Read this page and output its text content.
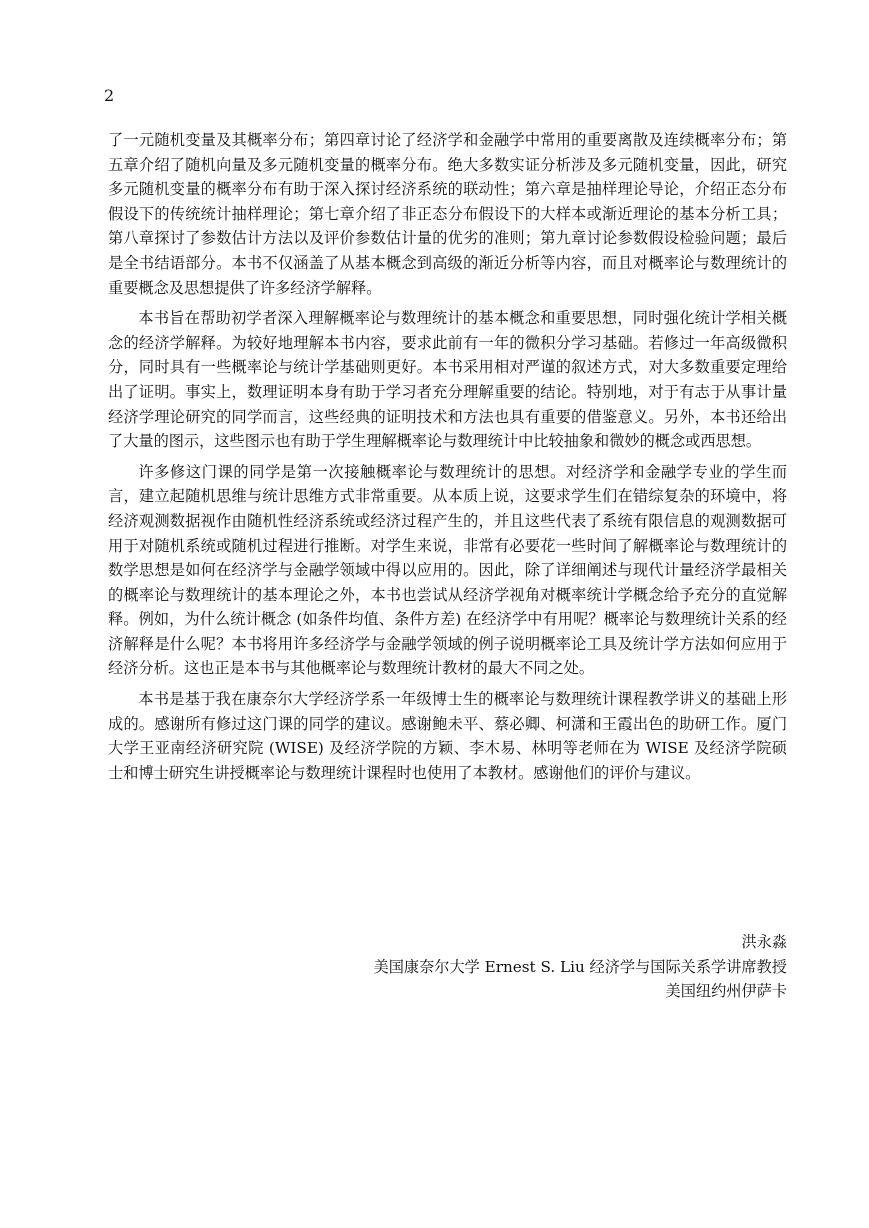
2

了一元随机变量及其概率分布；第四章讨论了经济学和金融学中常用的重要离散及连续概率分布；第五章介绍了随机向量及多元随机变量的概率分布。绝大多数实证分析涉及多元随机变量，因此，研究多元随机变量的概率分布有助于深入探讨经济系统的联动性；第六章是抽样理论导论，介绍正态分布假设下的传统统计抽样理论；第七章介绍了非正态分布假设下的大样本或渐近理论的基本分析工具；第八章探讨了参数估计方法以及评价参数估计量的优劣的准则；第九章讨论参数假设检验问题；最后是全书结语部分。本书不仅涵盖了从基本概念到高级的渐近分析等内容，而且对概率论与数理统计的重要概念及思想提供了许多经济学解释。

本书旨在帮助初学者深入理解概率论与数理统计的基本概念和重要思想，同时强化统计学相关概念的经济学解释。为较好地理解本书内容，要求此前有一年的微积分学习基础。若修过一年高级微积分，同时具有一些概率论与统计学基础则更好。本书采用相对严谨的叙述方式，对大多数重要定理给出了证明。事实上，数理证明本身有助于学习者充分理解重要的结论。特别地，对于有志于从事计量经济学理论研究的同学而言，这些经典的证明技术和方法也具有重要的借鉴意义。另外，本书还给出了大量的图示，这些图示也有助于学生理解概率论与数理统计中比较抽象和微妙的概念或西思想。

许多修这门课的同学是第一次接触概率论与数理统计的思想。对经济学和金融学专业的学生而言，建立起随机思维与统计思维方式非常重要。从本质上说，这要求学生们在错综复杂的环境中，将经济观测数据视作由随机性经济系统或经济过程产生的，并且这些代表了系统有限信息的观测数据可用于对随机系统或随机过程进行推断。对学生来说，非常有必要花一些时间了解概率论与数理统计的数学思想是如何在经济学与金融学领域中得以应用的。因此，除了详细阐述与现代计量经济学最相关的概率论与数理统计的基本理论之外，本书也尝试从经济学视角对概率统计学概念给予充分的直觉解释。例如，为什么统计概念 (如条件均值、条件方差) 在经济学中有用呢？概率论与数理统计关系的经济解释是什么呢？本书将用许多经济学与金融学领域的例子说明概率论工具及统计学方法如何应用于经济分析。这也正是本书与其他概率论与数理统计教材的最大不同之处。

本书是基于我在康奈尔大学经济学系一年级博士生的概率论与数理统计课程教学讲义的基础上形成的。感谢所有修过这门课的同学的建议。感谢鲍未平、蔡必卿、柯潇和王霞出色的助研工作。厦门大学王亚南经济研究院 (WISE) 及经济学院的方颖、李木易、林明等老师在为 WISE 及经济学院硕士和博士研究生讲授概率论与数理统计课程时也使用了本教材。感谢他们的评价与建议。

洪永淼
美国康奈尔大学 Ernest S. Liu 经济学与国际关系学讲席教授
美国纽约州伊萨卡
